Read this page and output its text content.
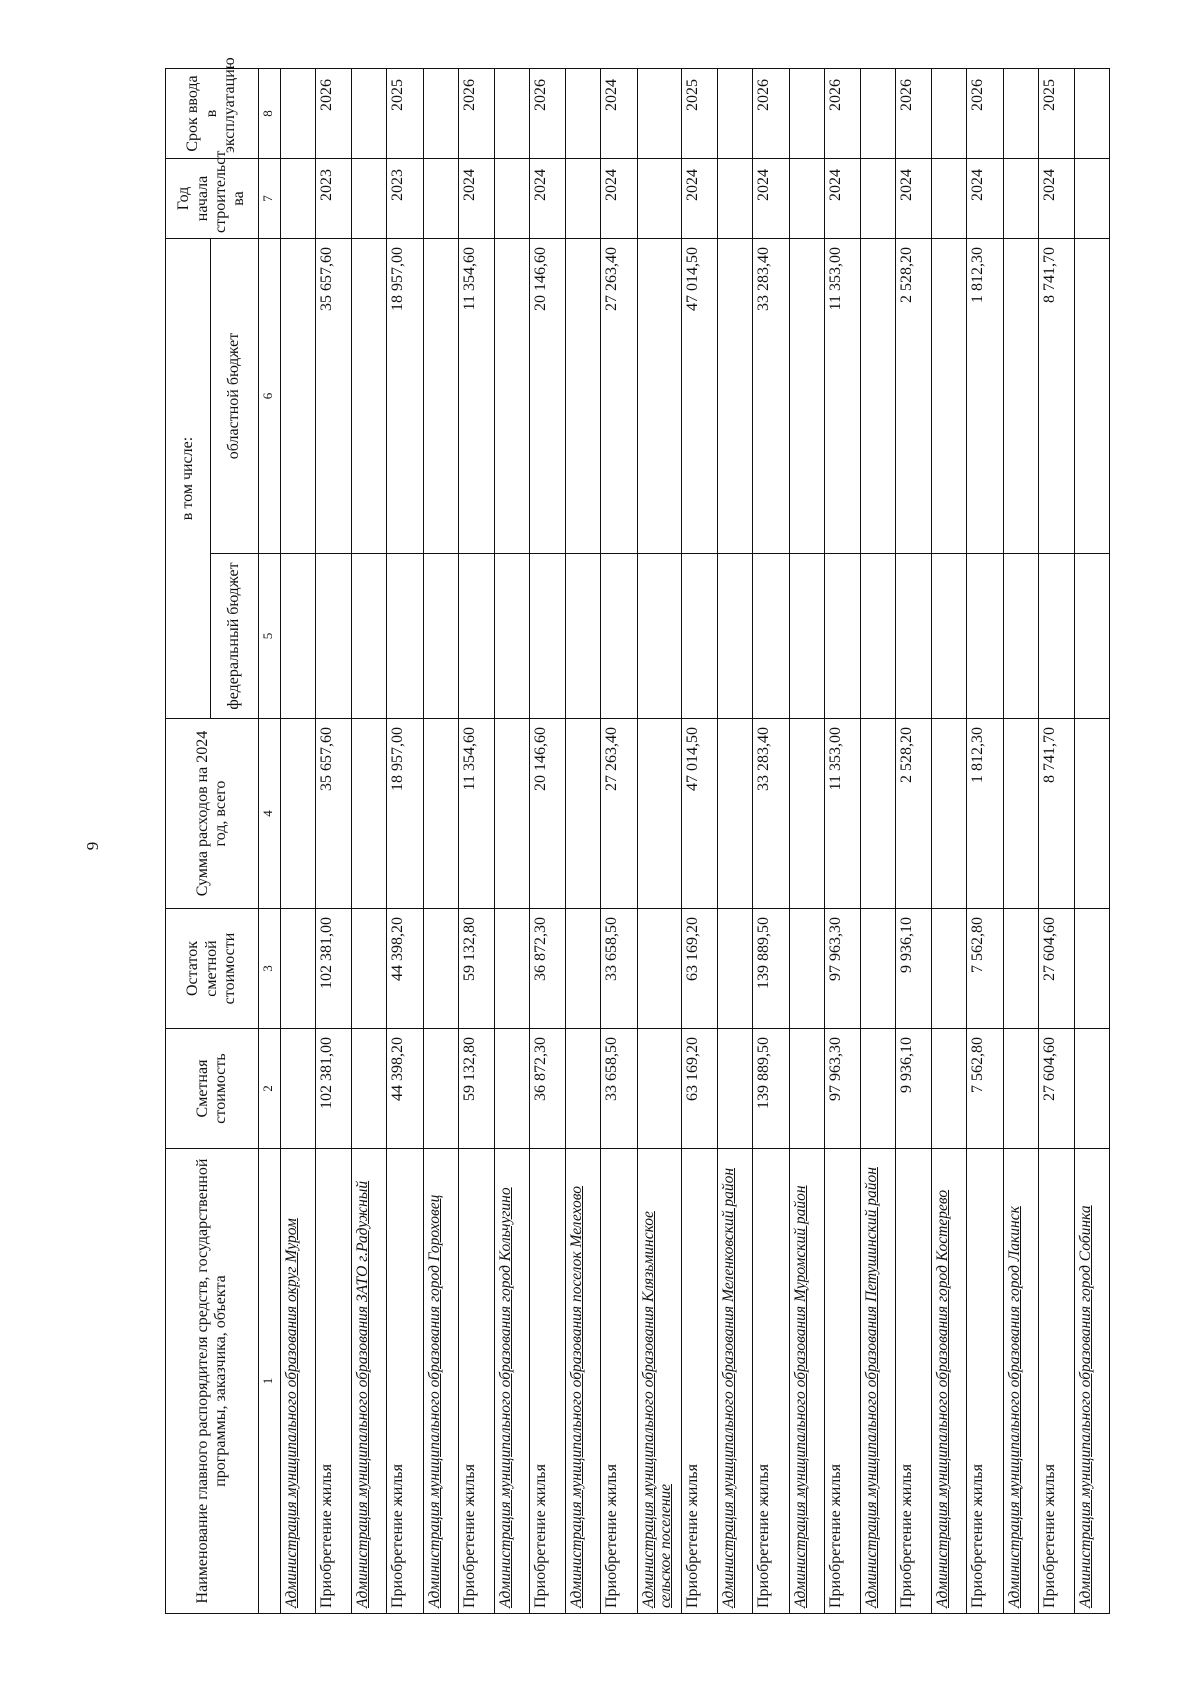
9
Наименование главного распорядителя средств, государственной программы, заказчика, объекта	Сметная стоимость	Остаток сметной стоимости	Сумма расходов на 2024 год, всего	в том числе:		Год начала строительст ва	Срок ввода в эксплуатацию
				федеральный бюджет	областной бюджет		
1	2	3	4	5	6	7	8
Администрация муниципального образования округ Муром							
Приобретение жилья	102 381,00	102 381,00	35 657,60		35 657,60	2023	2026
Администрация муниципального образования ЗАТО г.Радужный							
Приобретение жилья	44 398,20	44 398,20	18 957,00		18 957,00	2023	2025
Администрация муниципального образования город Гороховец							
Приобретение жилья	59 132,80	59 132,80	11 354,60		11 354,60	2024	2026
Администрация муниципального образования город Кольчугино							
Приобретение жилья	36 872,30	36 872,30	20 146,60		20 146,60	2024	2026
Администрация муниципального образования поселок Мелехово							
Приобретение жилья	33 658,50	33 658,50	27 263,40		27 263,40	2024	2024
Администрация муниципального образования Клязьминское сельское поселение							
Приобретение жилья	63 169,20	63 169,20	47 014,50		47 014,50	2024	2025
Администрация муниципального образования Меленковский район							
Приобретение жилья	139 889,50	139 889,50	33 283,40		33 283,40	2024	2026
Администрация муниципального образования Муромский район							
Приобретение жилья	97 963,30	97 963,30	11 353,00		11 353,00	2024	2026
Администрация муниципального образования Петушинский район							
Приобретение жилья	9 936,10	9 936,10	2 528,20		2 528,20	2024	2026
Администрация муниципального образования город Костерево							
Приобретение жилья	7 562,80	7 562,80	1 812,30		1 812,30	2024	2026
Администрация муниципального образования город Лакинск							
Приобретение жилья	27 604,60	27 604,60	8 741,70		8 741,70	2024	2025
Администрация муниципального образования город Собинка							
